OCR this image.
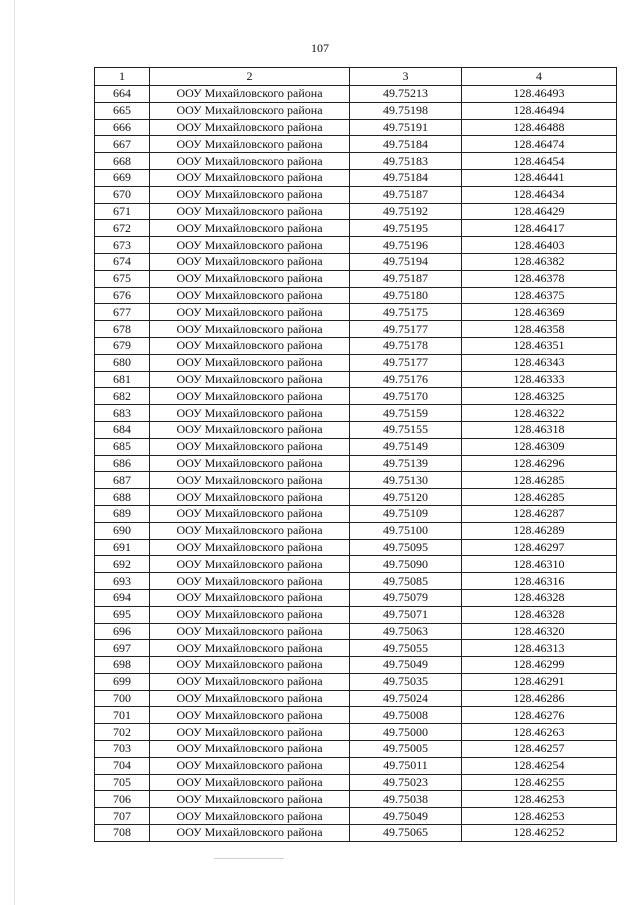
107
1	2	3	4
664	ООУ Михайловского района	49.75213	128.46493
665	ООУ Михайловского района	49.75198	128.46494
666	ООУ Михайловского района	49.75191	128.46488
667	ООУ Михайловского района	49.75184	128.46474
668	ООУ Михайловского района	49.75183	128.46454
669	ООУ Михайловского района	49.75184	128.46441
670	ООУ Михайловского района	49.75187	128.46434
671	ООУ Михайловского района	49.75192	128.46429
672	ООУ Михайловского района	49.75195	128.46417
673	ООУ Михайловского района	49.75196	128.46403
674	ООУ Михайловского района	49.75194	128.46382
675	ООУ Михайловского района	49.75187	128.46378
676	ООУ Михайловского района	49.75180	128.46375
677	ООУ Михайловского района	49.75175	128.46369
678	ООУ Михайловского района	49.75177	128.46358
679	ООУ Михайловского района	49.75178	128.46351
680	ООУ Михайловского района	49.75177	128.46343
681	ООУ Михайловского района	49.75176	128.46333
682	ООУ Михайловского района	49.75170	128.46325
683	ООУ Михайловского района	49.75159	128.46322
684	ООУ Михайловского района	49.75155	128.46318
685	ООУ Михайловского района	49.75149	128.46309
686	ООУ Михайловского района	49.75139	128.46296
687	ООУ Михайловского района	49.75130	128.46285
688	ООУ Михайловского района	49.75120	128.46285
689	ООУ Михайловского района	49.75109	128.46287
690	ООУ Михайловского района	49.75100	128.46289
691	ООУ Михайловского района	49.75095	128.46297
692	ООУ Михайловского района	49.75090	128.46310
693	ООУ Михайловского района	49.75085	128.46316
694	ООУ Михайловского района	49.75079	128.46328
695	ООУ Михайловского района	49.75071	128.46328
696	ООУ Михайловского района	49.75063	128.46320
697	ООУ Михайловского района	49.75055	128.46313
698	ООУ Михайловского района	49.75049	128.46299
699	ООУ Михайловского района	49.75035	128.46291
700	ООУ Михайловского района	49.75024	128.46286
701	ООУ Михайловского района	49.75008	128.46276
702	ООУ Михайловского района	49.75000	128.46263
703	ООУ Михайловского района	49.75005	128.46257
704	ООУ Михайловского района	49.75011	128.46254
705	ООУ Михайловского района	49.75023	128.46255
706	ООУ Михайловского района	49.75038	128.46253
707	ООУ Михайловского района	49.75049	128.46253
708	ООУ Михайловского района	49.75065	128.46252
